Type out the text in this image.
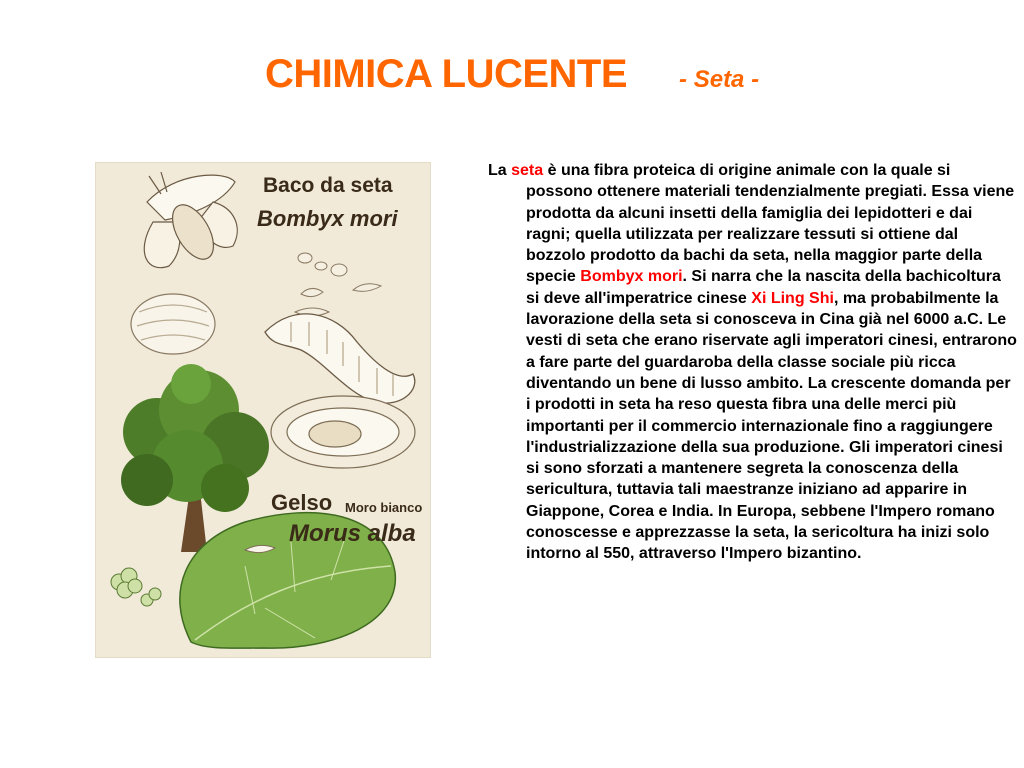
CHIMICA LUCENTE - Seta -
Baco da seta
Bombyx mori
Gelso Moro bianco
Morus alba
La seta è una fibra proteica di origine animale con la quale si possono ottenere materiali tendenzialmente pregiati. Essa viene prodotta da alcuni insetti della famiglia dei lepidotteri e dai ragni; quella utilizzata per realizzare tessuti si ottiene dal bozzolo prodotto da bachi da seta, nella maggior parte della specie Bombyx mori. Si narra che la nascita della bachicoltura si deve all'imperatrice cinese Xi Ling Shi, ma probabilmente la lavorazione della seta si conosceva in Cina già nel 6000 a.C. Le vesti di seta che erano riservate agli imperatori cinesi, entrarono a fare parte del guardaroba della classe sociale più ricca diventando un bene di lusso ambito. La crescente domanda per i prodotti in seta ha reso questa fibra una delle merci più importanti per il commercio internazionale fino a raggiungere l'industrializzazione della sua produzione. Gli imperatori cinesi si sono sforzati a mantenere segreta la conoscenza della sericultura, tuttavia tali maestranze iniziano ad apparire in Giappone, Corea e India. In Europa, sebbene l'Impero romano conoscesse e apprezzasse la seta, la sericoltura ha inizi solo intorno al 550, attraverso l'Impero bizantino.
